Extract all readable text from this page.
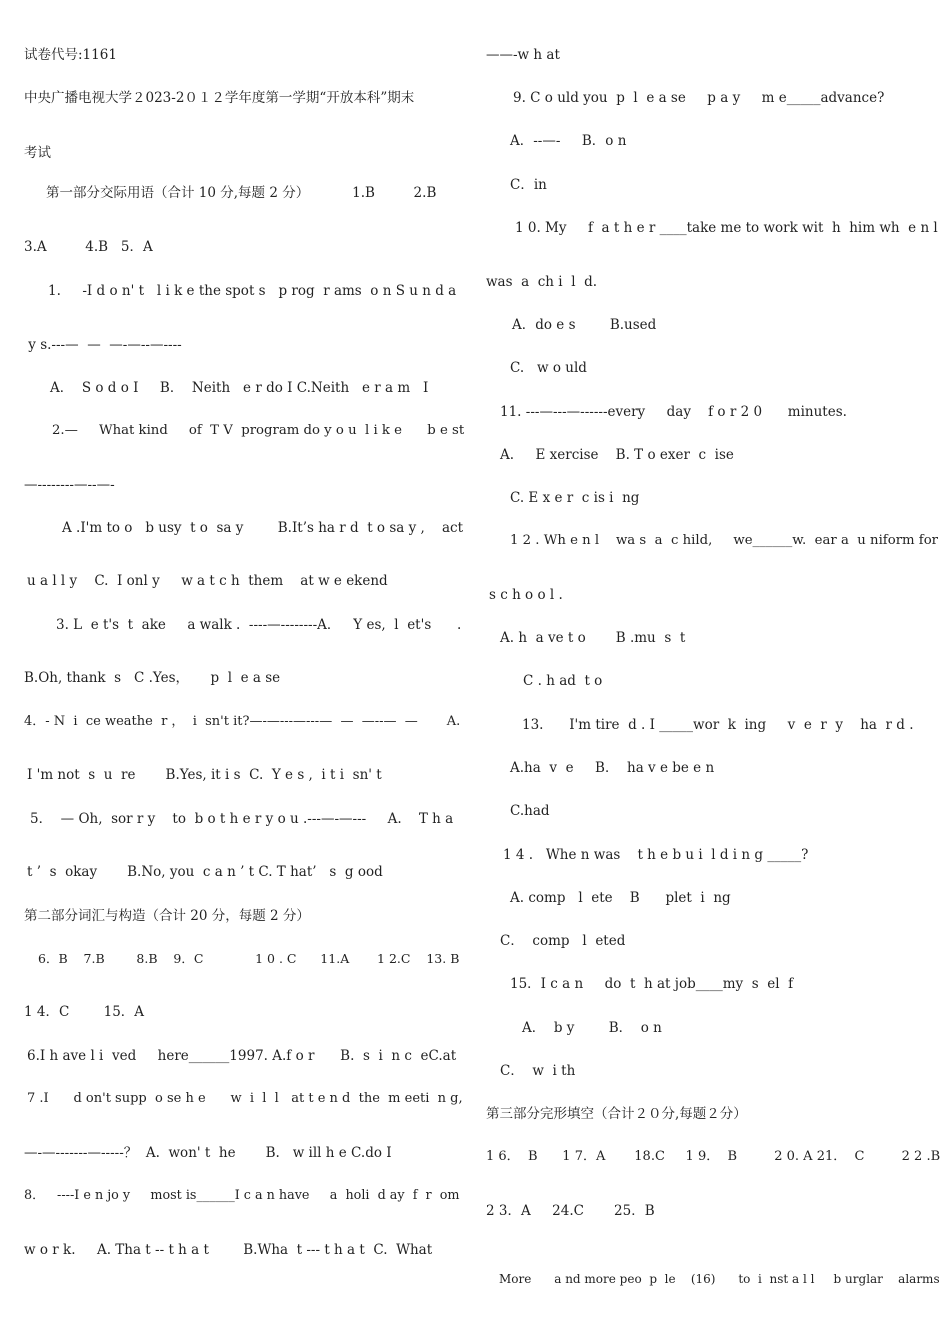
试卷代号:1161
中央广播电视大学２023-2０１２学年度第一学期“开放本科”期末
考试
第一部分交际用语（合计 10 分,每题 2 分）          1.B         2.B
3.A         4.B   5．A
1.     -I d o n' t   l i k e the spot s   p rog  r ams  o n S u n d a
y s.---—  —  —-—--—----
A．  S o d o I     B．  Neith   e r do I C.Neith   e r a m   I
2.—     What kind     of  T V  program do y o u  l i k e      b e st
—--------—--—-
A .I'm to o   b usy  t o  sa y        B.It’s ha r d  t o sa y ,    act
u a l l y    C.  I onl y     w a t c h  them    at w e ekend
3. L  e t's  t  ake     a walk .  ----—--------A．   Y es,  l  et's      .
B.Oh, thank  s   C .Yes，     p  l  e a se
4．- N  i  ce weathe  r ，  i  sn't it?—-—---—---—  —  —--—  —       A.
I 'm not  s  u  re       B.Yes, it i s  C.  Y e s ,  i t i  sn' t
5．  — Oh,  sor r y    to  b o t h e r y o u .---—-—---     A.    T h a
t ’  s  okay       B.No, you  c a n ’ t C. T hat’   s  g ood
第二部分词汇与构造（合计 20 分，每题 2 分）
6．B    7.B        8.B    9．C             1 0 . C      11.A       1 2.C    13. B
1 4．C        15．A
6.I h ave l i  ved     here______1997. A.f o r      B.  s  i  n c  eC.at
7 .I      d on't supp  o se h e      w  i  l  l   at t e n d  the  m eeti  n g,
—-—-------—-----？  A.  won' t  he       B.   w ill h e C.do I
8．   ----I e n jo y     most is______I c a n have     a  holi  d ay  f  r  om
w o r k.     A. Tha t -- t h a t        B.Wha  t --- t h a t  C.  What
——-w h at
9. C o uld you  p  l  e a se     p a y     m e_____advance?
A．--—-     B．o n
C．in
1 0. My     f  a t h e r ____take me to work wit  h  him wh  e n l
was  a  ch i  l  d.
A．do e s        B.used
C.   w o uld
11. ---—---—------every     day    f o r 2 0      minutes.
A.     E xercise    B. T o exer  c  ise
C. E x e r  c is i  ng
1 2 . Wh e n l    wa s  a  c hild,     we______w.  ear a  u niform for
s c h o o l .
A. h  a ve t o       B .mu  s  t
C . h ad  t o
13.      I'm tire  d . I _____wor  k  ing     v  e  r  y    ha  r d .
A.ha  v  e     B．  ha v e be e n
C.had
1 4 .   Whe n was    t h e b u i  l d i n g _____?
A. comp   l  ete    B      plet  i  ng
C．  comp   l  eted
15．I c a n     do  t  h at job____my  s  el  f
A．  b y        B．  o n
C．  w  i th
第三部分完形填空（合计２０分,每题２分）
1 6．  B      1 7．A       18.C     1 9．  B         2 0. A 21．  C         2 2 .B
2 3．A     24.C       25．B
More      a nd more peo  p  le    (16)      to  i  nst a l l     b urglar    alarms
